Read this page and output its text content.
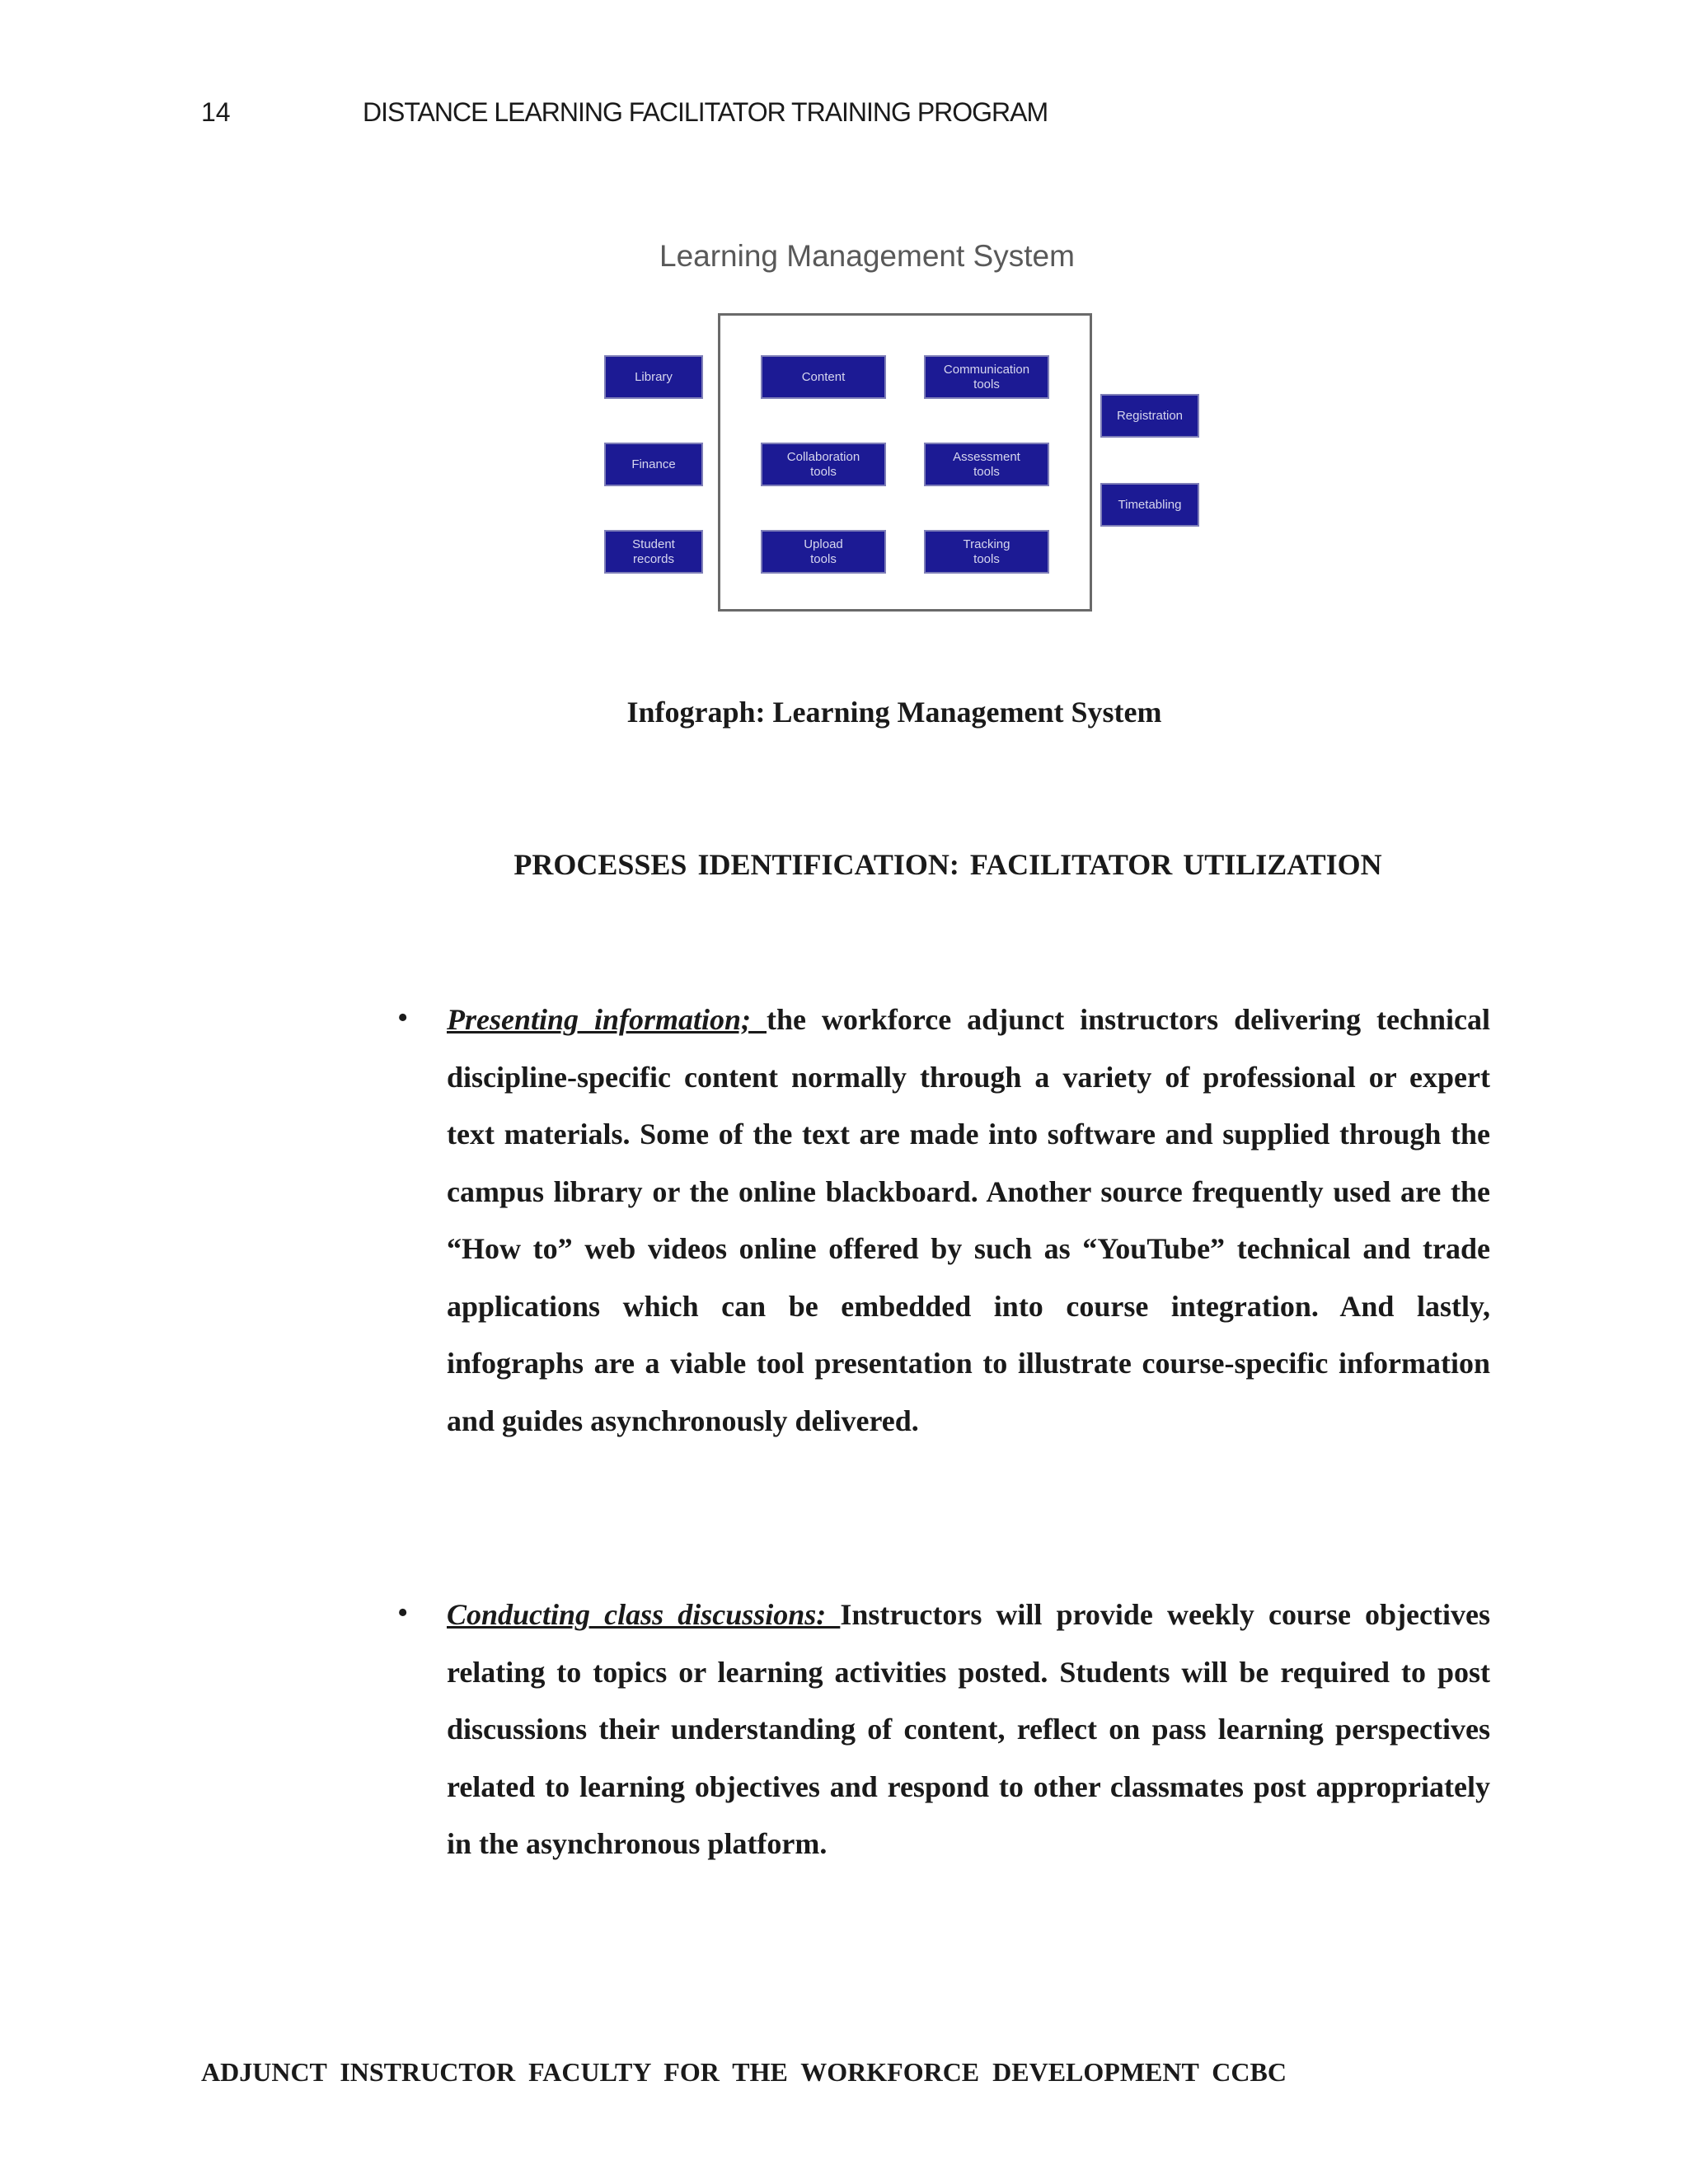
14	DISTANCE LEARNING FACILITATOR TRAINING PROGRAM
Learning Management System
Library
Finance
Student
records
Content
Communication
tools
Collaboration
tools
Assessment
tools
Upload
tools
Tracking
tools
Registration
Timetabling
Infograph: Learning Management System
PROCESSES IDENTIFICATION: FACILITATOR UTILIZATION
• Presenting information; the workforce adjunct instructors delivering technical discipline-specific content normally through a variety of professional or expert text materials. Some of the text are made into software and supplied through the campus library or the online blackboard. Another source frequently used are the “How to” web videos online offered by such as “YouTube” technical and trade applications which can be embedded into course integration. And lastly, infographs are a viable tool presentation to illustrate course-specific information and guides asynchronously delivered.
• Conducting class discussions: Instructors will provide weekly course objectives relating to topics or learning activities posted. Students will be required to post discussions their understanding of content, reflect on pass learning perspectives related to learning objectives and respond to other classmates post appropriately in the asynchronous platform.
ADJUNCT INSTRUCTOR FACULTY FOR THE WORKFORCE DEVELOPMENT CCBC
